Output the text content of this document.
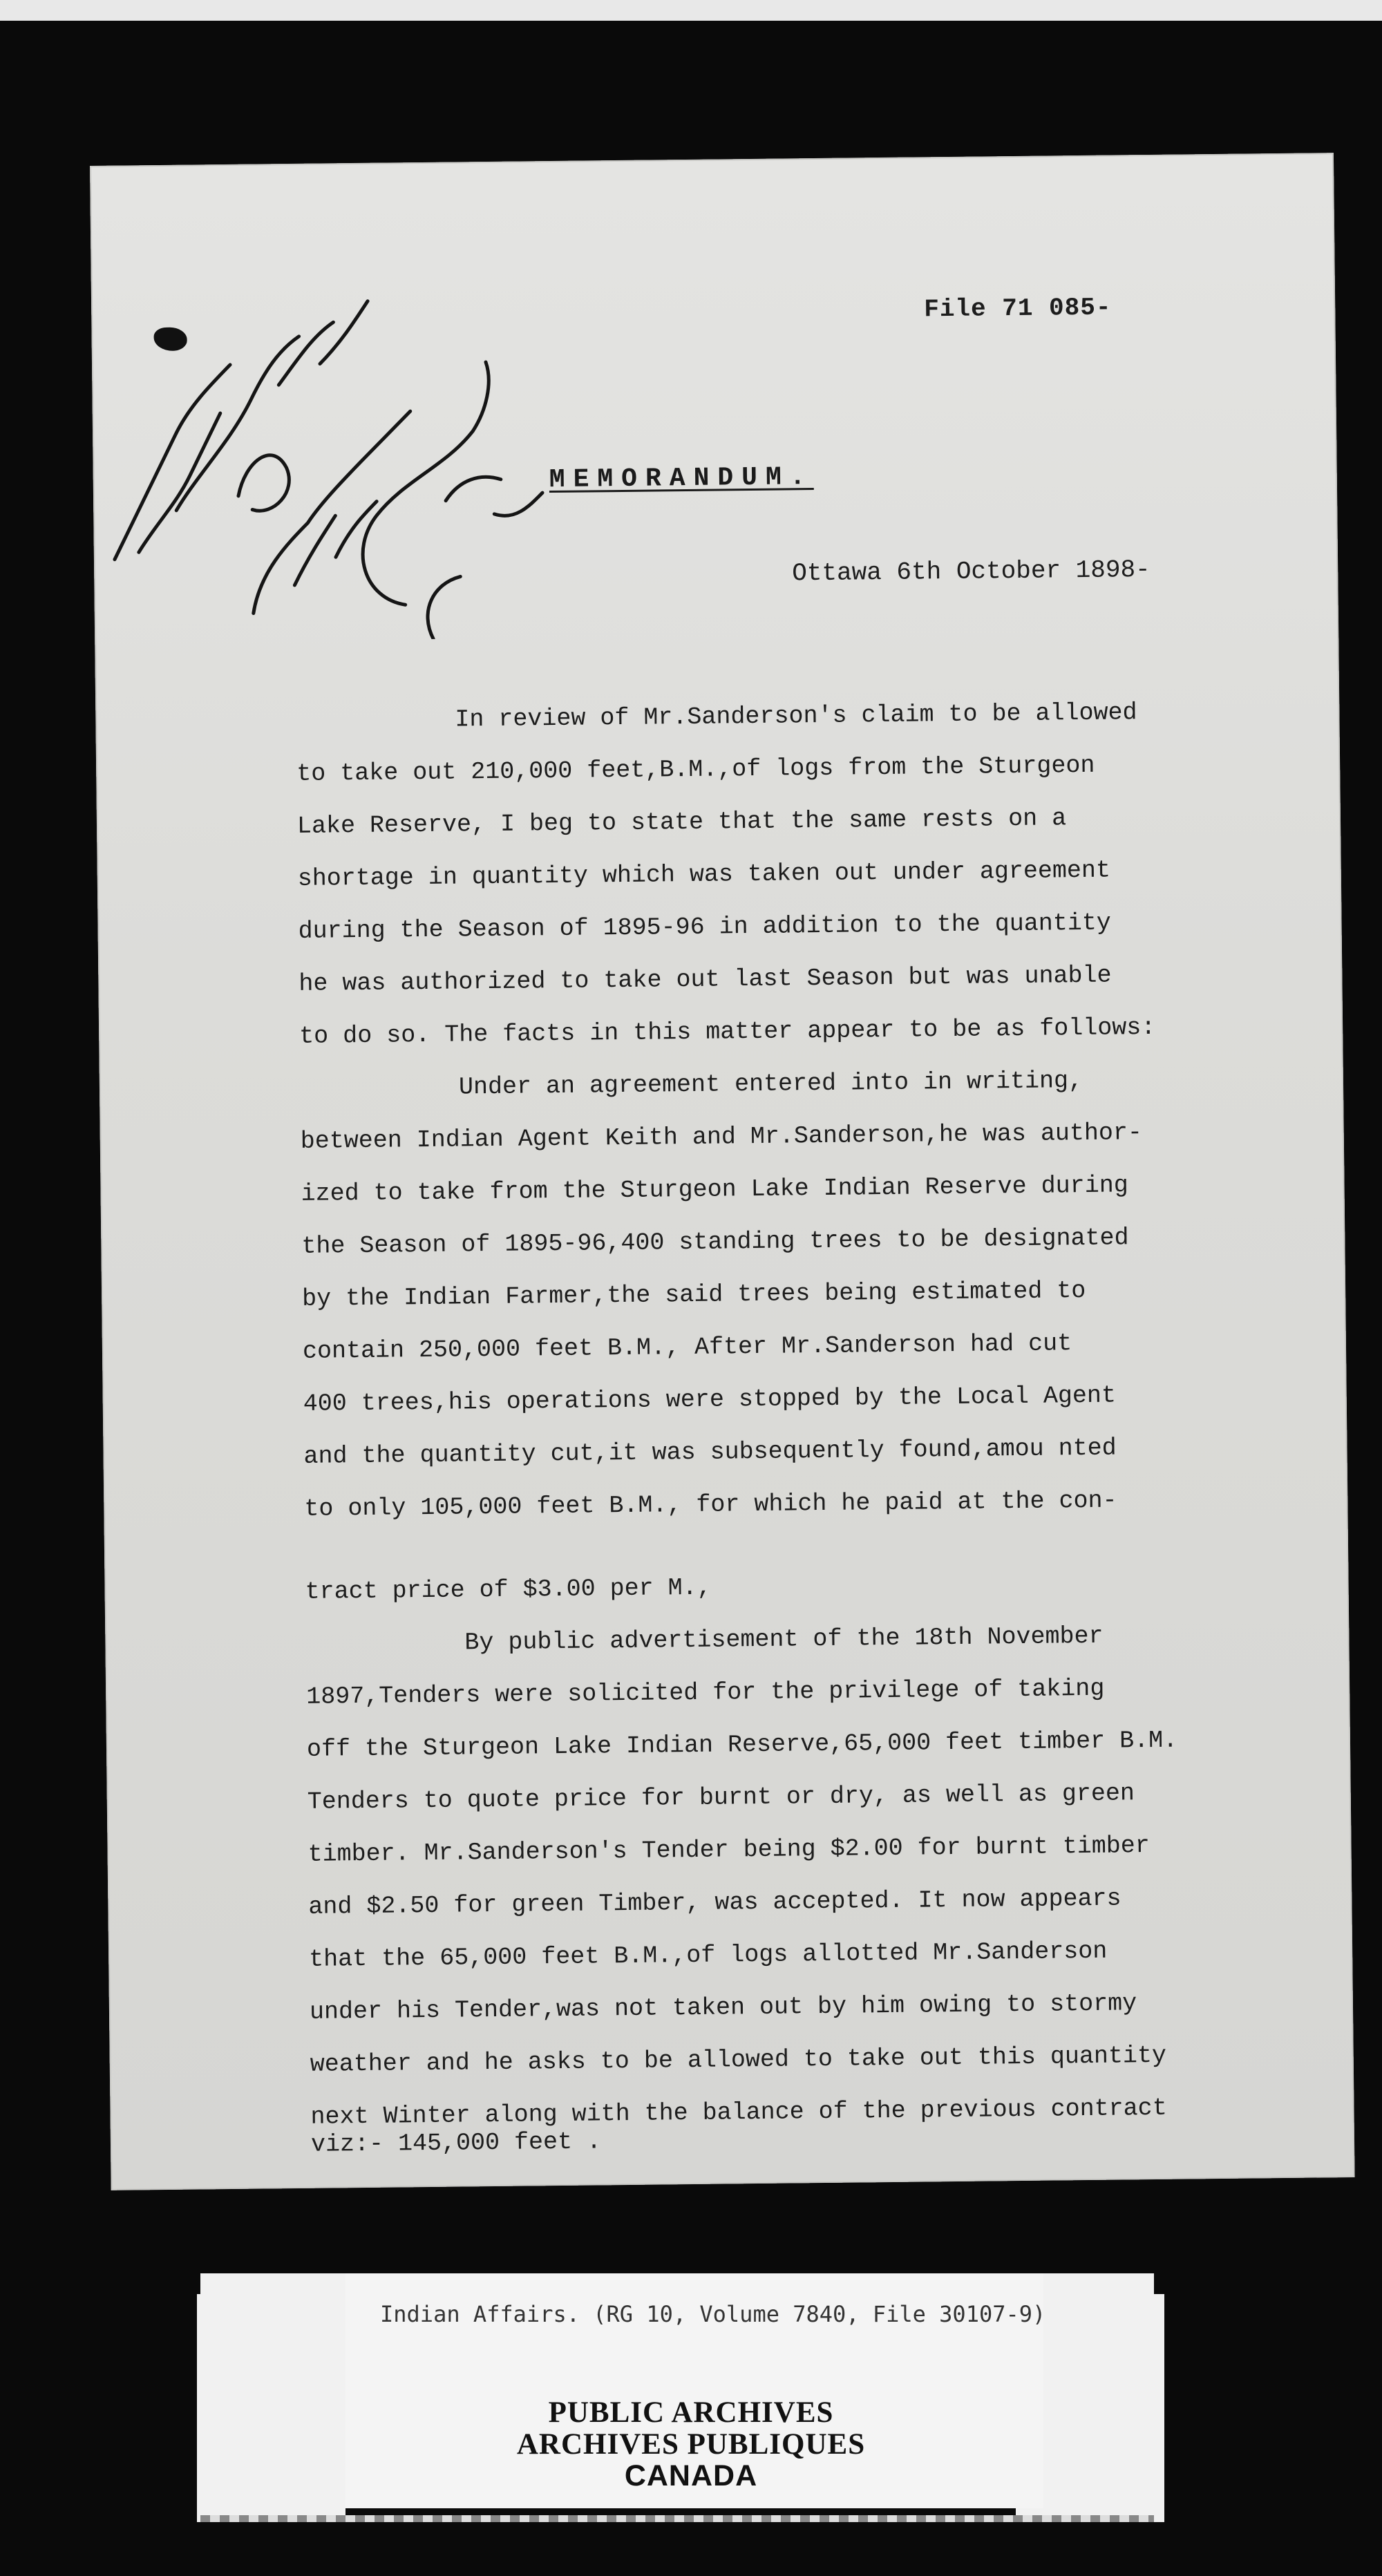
File 71 085-
MEMORANDUM.
Ottawa 6th October 1898-
In review of Mr.Sanderson's claim to be allowed
to take out 210,000 feet,B.M.,of logs from the Sturgeon
Lake Reserve, I beg to state that the same rests on a
shortage in quantity which was taken out under agreement
during the Season of 1895-96 in addition to the quantity
he was authorized to take out last Season but was unable
to do so. The facts in this matter appear to be as follows:
Under an agreement entered into in writing,
between Indian Agent Keith and Mr.Sanderson,he was author-
ized to take from the Sturgeon Lake Indian Reserve during
the Season of 1895-96,400 standing trees to be designated
by the Indian Farmer,the said trees being estimated to
contain 250,000 feet B.M., After Mr.Sanderson had cut
400 trees,his operations were stopped by the Local Agent
and the quantity cut,it was subsequently found,amou nted
to only 105,000 feet B.M., for which he paid at the con-
tract price of $3.00 per M.,
By public advertisement of the 18th November
1897,Tenders were solicited for the privilege of taking
off the Sturgeon Lake Indian Reserve,65,000 feet timber B.M.
Tenders to quote price for burnt or dry, as well as green
timber. Mr.Sanderson's Tender being $2.00 for burnt timber
and $2.50 for green Timber, was accepted. It now appears
that the 65,000 feet B.M.,of logs allotted Mr.Sanderson
under his Tender,was not taken out by him owing to stormy
weather and he asks to be allowed to take out this quantity
next Winter along with the balance of the previous contract
viz:- 145,000 feet .
Indian Affairs. (RG 10, Volume 7840, File 30107-9)
PUBLIC ARCHIVES
ARCHIVES PUBLIQUES
CANADA
